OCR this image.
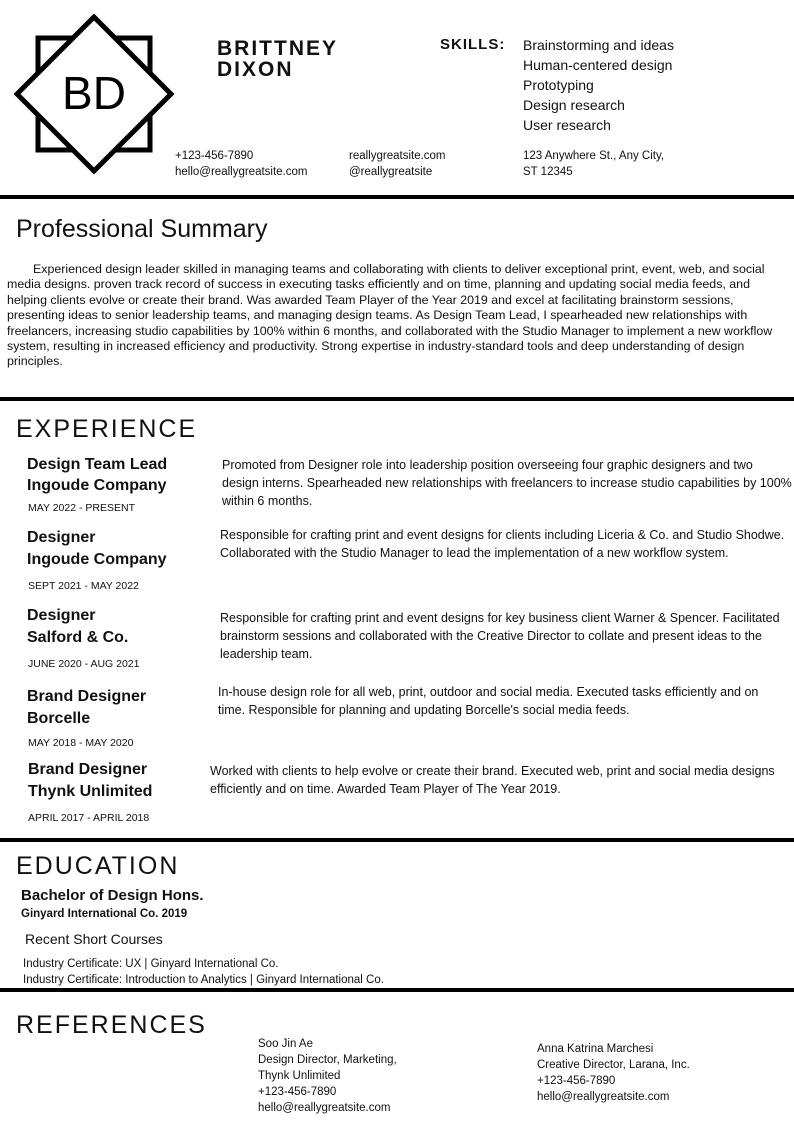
BD
BRITTNEY
DIXON
SKILLS: Brainstorming and ideas
Human-centered design
Prototyping
Design research
User research
+123-456-7890
hello@reallygreatsite.com
reallygreatsite.com
@reallygreatsite
123 Anywhere St., Any City,
ST 12345
Professional Summary

Experienced design leader skilled in managing teams and collaborating with clients to deliver exceptional print, event, web, and social media designs. proven track record of success in executing tasks efficiently and on time, planning and updating social media feeds, and helping clients evolve or create their brand. Was awarded Team Player of the Year 2019 and excel at facilitating brainstorm sessions, presenting ideas to senior leadership teams, and managing design teams. As Design Team Lead, I spearheaded new relationships with freelancers, increasing studio capabilities by 100% within 6 months, and collaborated with the Studio Manager to implement a new workflow system, resulting in increased efficiency and productivity. Strong expertise in industry-standard tools and deep understanding of design principles.

EXPERIENCE
Design Team Lead
Ingoude Company
MAY 2022 - PRESENT

Promoted from Designer role into leadership position overseeing four graphic designers and two design interns. Spearheaded new relationships with freelancers to increase studio capabilities by 100% within 6 months.

Designer
Ingoude Company
SEPT 2021 - MAY 2022

Responsible for crafting print and event designs for clients including Liceria & Co. and Studio Shodwe. Collaborated with the Studio Manager to lead the implementation of a new workflow system.

Designer
Salford & Co.
JUNE 2020 - AUG 2021

Responsible for crafting print and event designs for key business client Warner & Spencer. Facilitated brainstorm sessions and collaborated with the Creative Director to collate and present ideas to the leadership team.

Brand Designer
Borcelle
MAY 2018 - MAY 2020

In-house design role for all web, print, outdoor and social media. Executed tasks efficiently and on time. Responsible for planning and updating Borcelle's social media feeds.

Brand Designer
Thynk Unlimited
APRIL 2017 - APRIL 2018

Worked with clients to help evolve or create their brand. Executed web, print and social media designs efficiently and on time. Awarded Team Player of The Year 2019.

EDUCATION
Bachelor of Design Hons.
Ginyard International Co. 2019
Recent Short Courses
Industry Certificate: UX | Ginyard International Co.
Industry Certificate: Introduction to Analytics | Ginyard International Co.
REFERENCES
Soo Jin Ae
Design Director, Marketing,
Thynk Unlimited
+123-456-7890
hello@reallygreatsite.com
Anna Katrina Marchesi
Creative Director, Larana, Inc.
+123-456-7890
hello@reallygreatsite.com
